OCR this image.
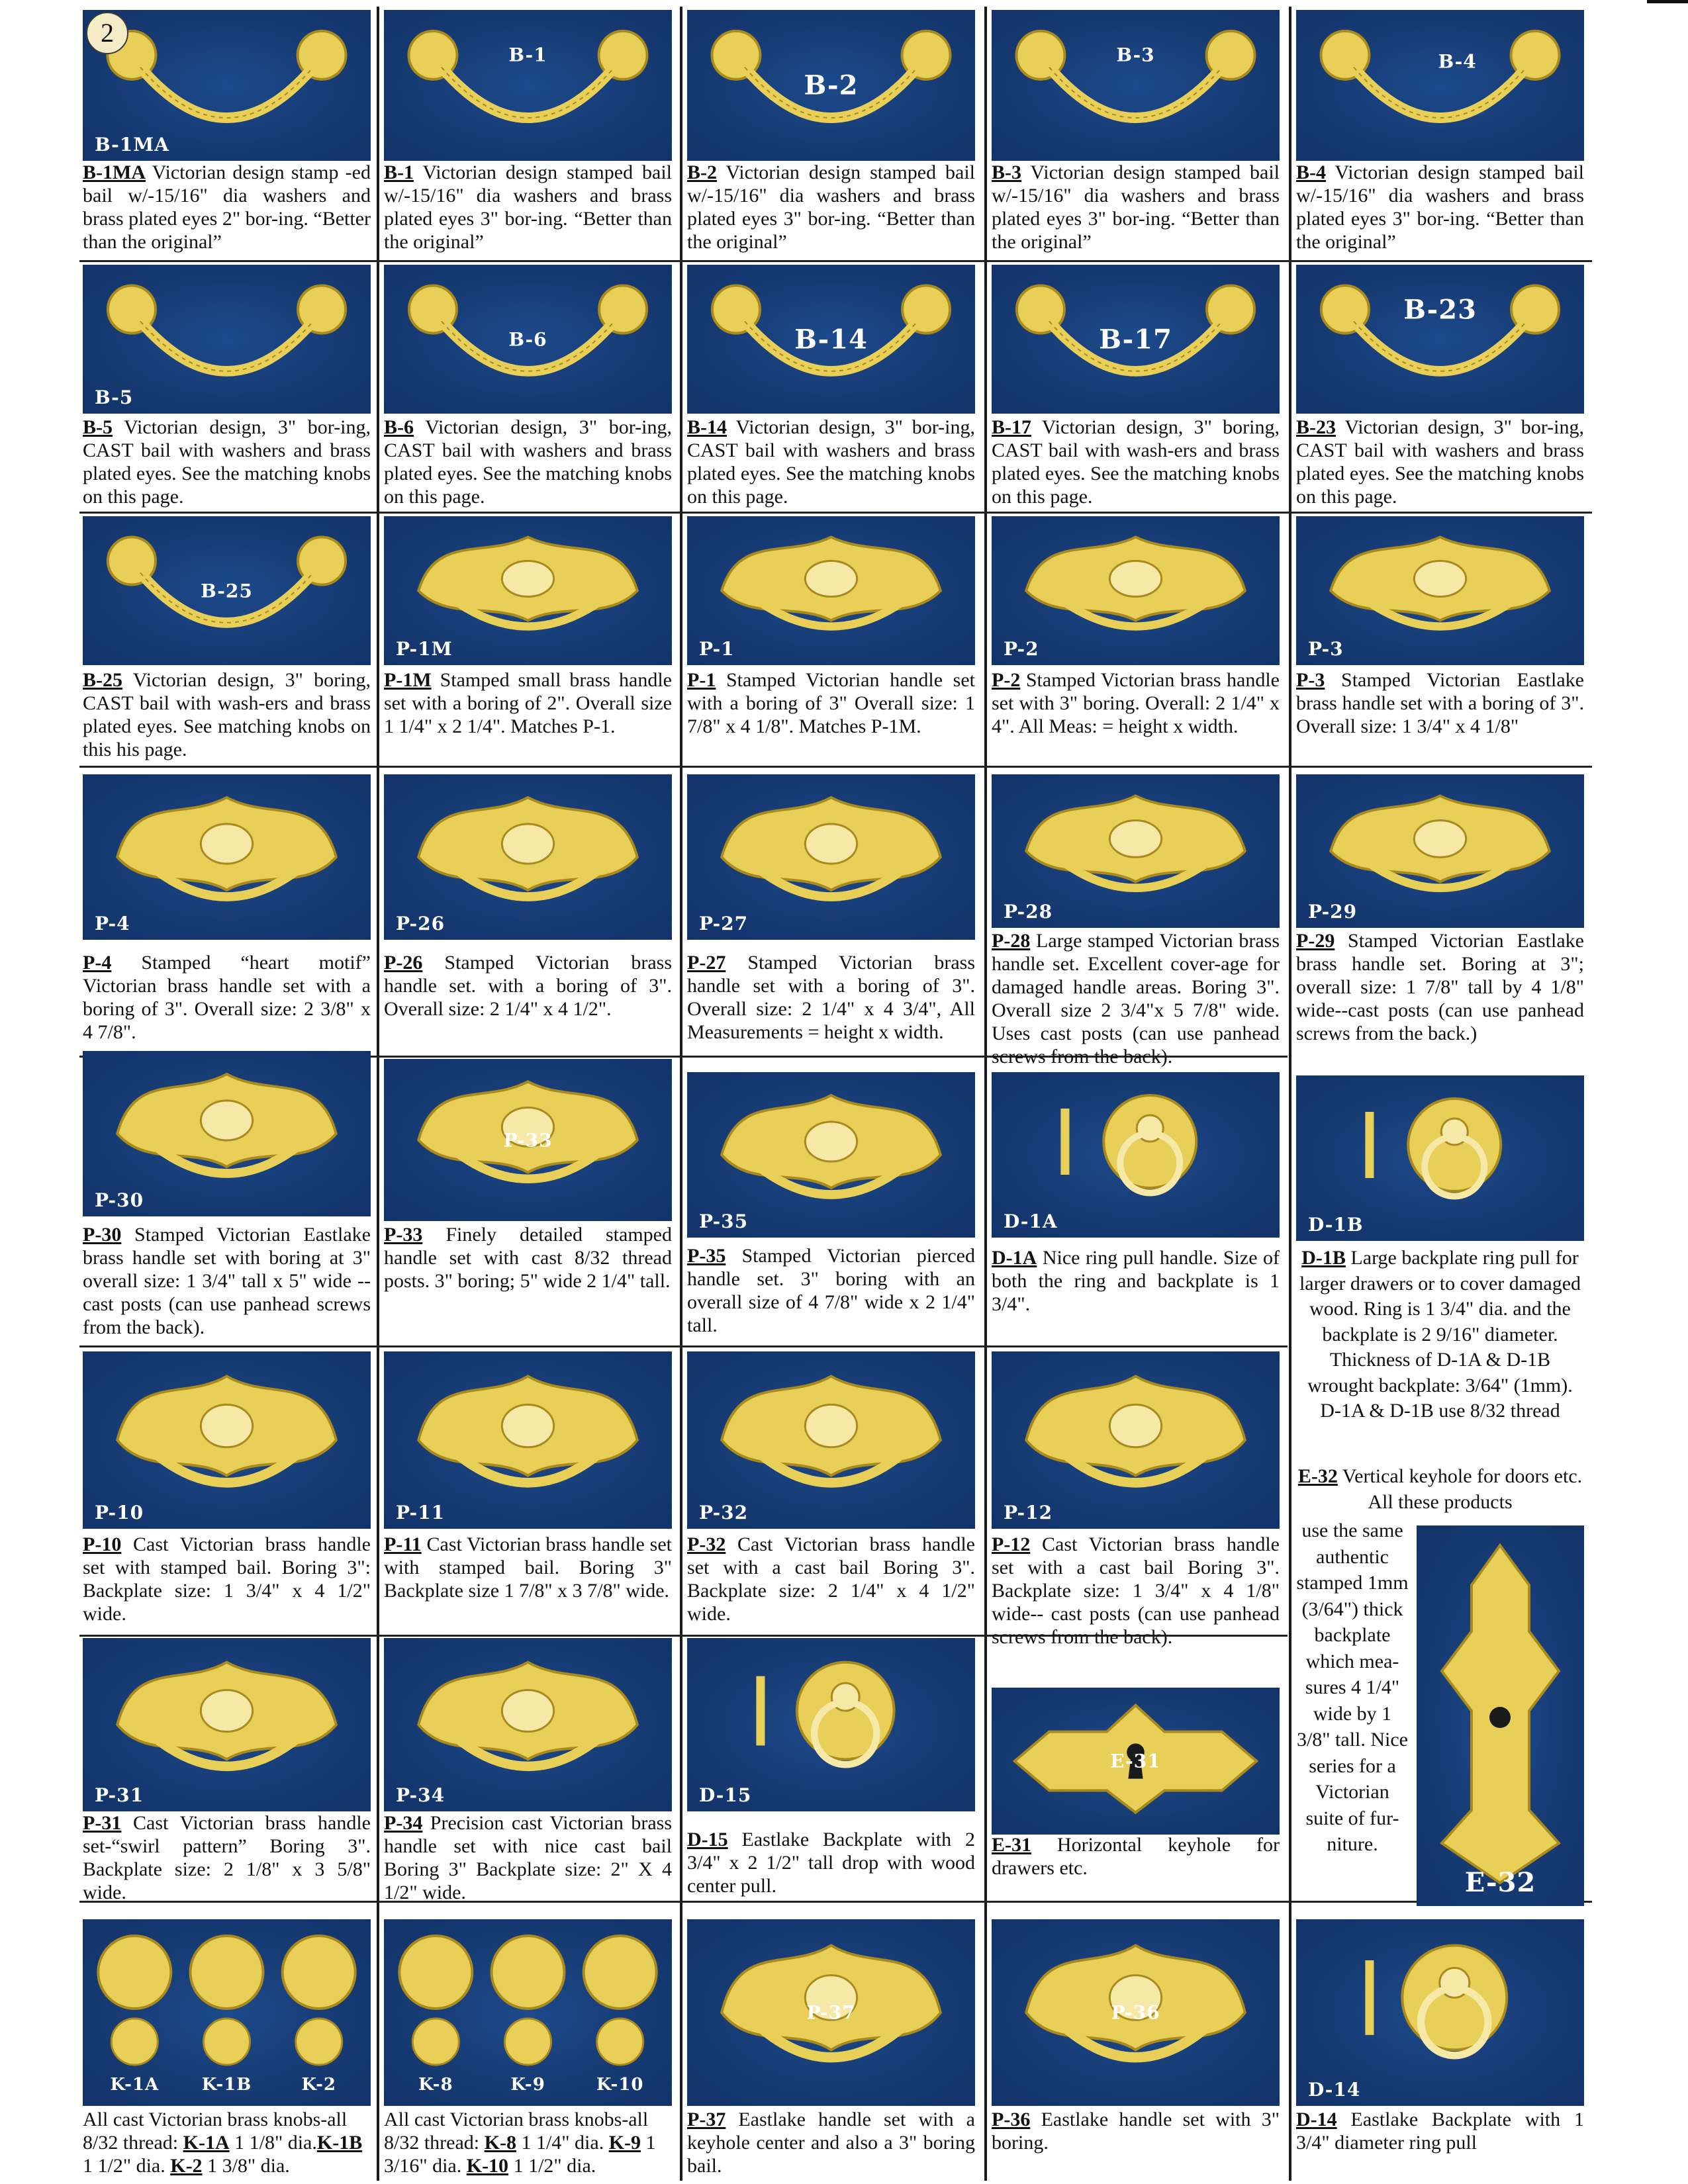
B-1MA
B-1MA Victorian design stamp -ed bail w/-15/16" dia washers and brass plated eyes 2" bor-ing. “Better than the original”
B-1
B-1 Victorian design stamped bail w/-15/16" dia washers and brass plated eyes 3" bor-ing. “Better than the original”
B-2
B-2 Victorian design stamped bail w/-15/16" dia washers and brass plated eyes 3" bor-ing. “Better than the original”
B-3
B-3 Victorian design stamped bail w/-15/16" dia washers and brass plated eyes 3" bor-ing. “Better than the original”
B-4
B-4 Victorian design stamped bail w/-15/16" dia washers and brass plated eyes 3" bor-ing. “Better than the original”
B-5
B-5 Victorian design, 3" bor-ing, CAST bail with washers and brass plated eyes. See the matching knobs on this page.
B-6
B-6 Victorian design, 3" bor-ing, CAST bail with washers and brass plated eyes. See the matching knobs on this page.
B-14
B-14 Victorian design, 3" bor-ing, CAST bail with washers and brass plated eyes. See the matching knobs on this page.
B-17
B-17 Victorian design, 3" boring, CAST bail with wash-ers and brass plated eyes. See the matching knobs on this page.
B-23
B-23 Victorian design, 3" bor-ing, CAST bail with washers and brass plated eyes. See the matching knobs on this page.
B-25
B-25 Victorian design, 3" boring, CAST bail with wash-ers and brass plated eyes. See matching knobs on this his page.
P-1M
P-1M Stamped small brass handle set with a boring of 2". Overall size 1 1/4" x 2 1/4". Matches P-1.
P-1
P-1 Stamped Victorian handle set with a boring of 3" Overall size: 1 7/8" x 4 1/8". Matches P-1M.
P-2
P-2 Stamped Victorian brass handle set with 3" boring. Overall: 2 1/4" x 4". All Meas: = height x width.
P-3
P-3 Stamped Victorian Eastlake brass handle set with a boring of 3". Overall size: 1 3/4" x 4 1/8"
P-4
P-4 Stamped “heart motif” Victorian brass handle set with a boring of 3". Overall size: 2 3/8" x 4 7/8".
P-26
P-26 Stamped Victorian brass handle set. with a boring of 3". Overall size: 2 1/4" x 4 1/2".
P-27
P-27 Stamped Victorian brass handle set with a boring of 3". Overall size: 2 1/4" x 4 3/4", All Measurements = height x width.
P-28
P-28 Large stamped Victorian brass handle set. Excellent cover-age for damaged handle areas. Boring 3". Overall size 2 3/4"x 5 7/8" wide. Uses cast posts (can use panhead screws from the back).
P-29
P-29 Stamped Victorian Eastlake brass handle set. Boring at 3"; overall size: 1 7/8" tall by 4 1/8" wide--cast posts (can use panhead screws from the back.)
P-30
P-30 Stamped Victorian Eastlake brass handle set with boring at 3" overall size: 1 3/4" tall x 5" wide --cast posts (can use panhead screws from the back).
P-33
P-33 Finely detailed stamped handle set with cast 8/32 thread posts. 3" boring; 5" wide 2 1/4" tall.
P-35
P-35 Stamped Victorian pierced handle set. 3" boring with an overall size of 4 7/8" wide x 2 1/4" tall.
D-1A
D-1A Nice ring pull handle. Size of both the ring and backplate is 1 3/4".
P-10
P-10 Cast Victorian brass handle set with stamped bail. Boring 3": Backplate size: 1 3/4" x 4 1/2" wide.
P-11
P-11 Cast Victorian brass handle set with stamped bail. Boring 3" Backplate size 1 7/8" x 3 7/8" wide.
P-32
P-32 Cast Victorian brass handle set with a cast bail Boring 3". Backplate size: 2 1/4" x 4 1/2" wide.
P-12
P-12 Cast Victorian brass handle set with a cast bail Boring 3". Backplate size: 1 3/4" x 4 1/8" wide-- cast posts (can use panhead screws from the back).
P-31
P-31 Cast Victorian brass handle set-“swirl pattern” Boring 3". Backplate size: 2 1/8" x 3 5/8" wide.
P-34
P-34 Precision cast Victorian brass handle set with nice cast bail Boring 3" Backplate size: 2" X 4 1/2" wide.
D-15
D-15 Eastlake Backplate with 2 3/4" x 2 1/2" tall drop with wood center pull.
E-31
E-31 Horizontal keyhole for drawers etc.
P-37
P-37 Eastlake handle set with a keyhole center and also a 3" boring bail.
P-36
P-36 Eastlake handle set with 3" boring.
D-14
D-14 Eastlake Backplate with 1 3/4" diameter ring pull
2
D-1B
D-1B Large backplate ring pull for larger drawers or to cover damaged wood. Ring is 1 3/4" dia. and the backplate is 2 9/16" diameter. Thickness of D-1A & D-1B wrought backplate: 3/64" (1mm). D-1A & D-1B use 8/32 thread
E-32 Vertical keyhole for doors etc. All these products
use the same authentic stamped 1mm (3/64") thick backplate which mea-sures 4 1/4" wide by 1 3/8" tall. Nice series for a Victorian suite of fur-niture.
E-32
K-1A K-1B	K-2	K-8	K-9	K-10
All cast Victorian brass knobs-all 8/32 thread: K-1A 1 1/8" dia.K-1B 1 1/2" dia. K-2 1 3/8" dia.
All cast Victorian brass knobs-all 8/32 thread: K-8 1 1/4" dia. K-9 1 3/16" dia. K-10 1 1/2" dia.
